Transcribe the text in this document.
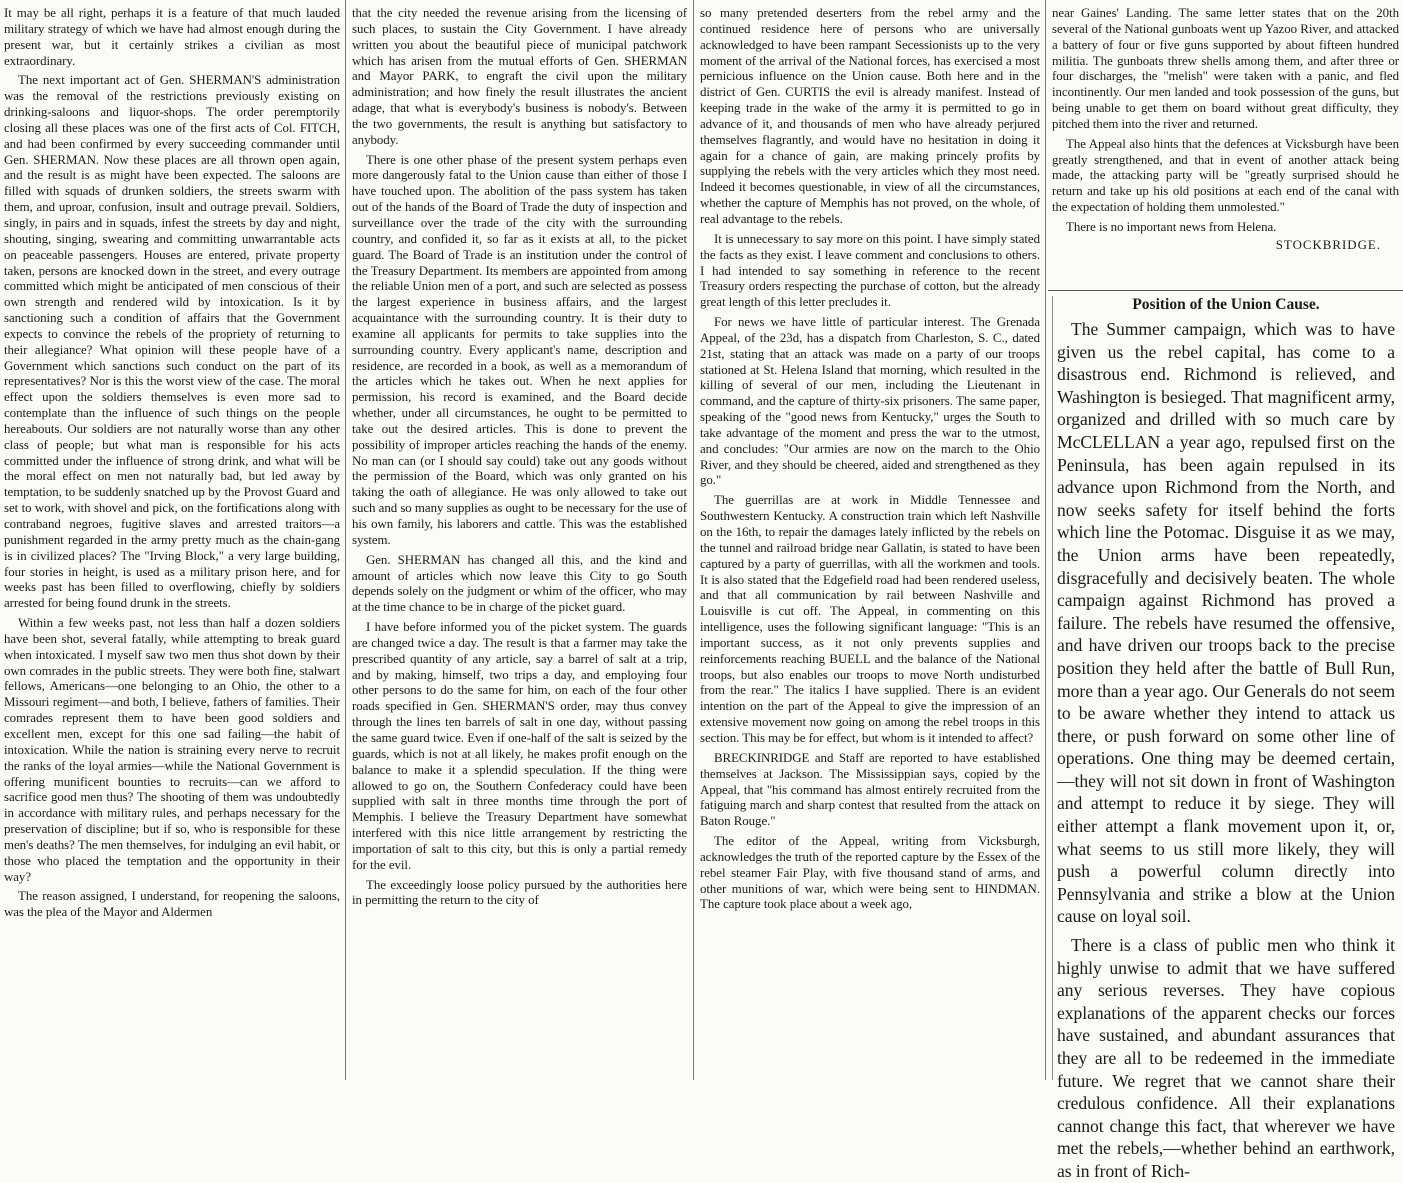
It may be all right, perhaps it is a feature of that much lauded military strategy of which we have had almost enough during the present war, but it certainly strikes a civilian as most extraordinary.

The next important act of Gen. SHERMAN'S administration was the removal of the restrictions previously existing on drinking-saloons and liquor-shops. The order peremptorily closing all these places was one of the first acts of Col. FITCH, and had been confirmed by every succeeding commander until Gen. SHERMAN. Now these places are all thrown open again, and the result is as might have been expected. The saloons are filled with squads of drunken soldiers, the streets swarm with them, and uproar, confusion, insult and outrage prevail. Soldiers, singly, in pairs and in squads, infest the streets by day and night, shouting, singing, swearing and committing unwarrantable acts on peaceable passengers. Houses are entered, private property taken, persons are knocked down in the street, and every outrage committed which might be anticipated of men conscious of their own strength and rendered wild by intoxication. Is it by sanctioning such a condition of affairs that the Government expects to convince the rebels of the propriety of returning to their allegiance? What opinion will these people have of a Government which sanctions such conduct on the part of its representatives? Nor is this the worst view of the case. The moral effect upon the soldiers themselves is even more sad to contemplate than the influence of such things on the people hereabouts. Our soldiers are not naturally worse than any other class of people; but what man is responsible for his acts committed under the influence of strong drink, and what will be the moral effect on men not naturally bad, but led away by temptation, to be suddenly snatched up by the Provost Guard and set to work, with shovel and pick, on the fortifications along with contraband negroes, fugitive slaves and arrested traitors—a punishment regarded in the army pretty much as the chain-gang is in civilized places? The "Irving Block," a very large building, four stories in height, is used as a military prison here, and for weeks past has been filled to overflowing, chiefly by soldiers arrested for being found drunk in the streets.

Within a few weeks past, not less than half a dozen soldiers have been shot, several fatally, while attempting to break guard when intoxicated. I myself saw two men thus shot down by their own comrades in the public streets. They were both fine, stalwart fellows, Americans—one belonging to an Ohio, the other to a Missouri regiment—and both, I believe, fathers of families. Their comrades represent them to have been good soldiers and excellent men, except for this one sad failing—the habit of intoxication. While the nation is straining every nerve to recruit the ranks of the loyal armies—while the National Government is offering munificent bounties to recruits—can we afford to sacrifice good men thus? The shooting of them was undoubtedly in accordance with military rules, and perhaps necessary for the preservation of discipline; but if so, who is responsible for these men's deaths? The men themselves, for indulging an evil habit, or those who placed the temptation and the opportunity in their way?

The reason assigned, I understand, for reopening the saloons, was the plea of the Mayor and Aldermen

that the city needed the revenue arising from the licensing of such places, to sustain the City Government. I have already written you about the beautiful piece of municipal patchwork which has arisen from the mutual efforts of Gen. SHERMAN and Mayor PARK, to engraft the civil upon the military administration; and how finely the result illustrates the ancient adage, that what is everybody's business is nobody's. Between the two governments, the result is anything but satisfactory to anybody.

There is one other phase of the present system perhaps even more dangerously fatal to the Union cause than either of those I have touched upon. The abolition of the pass system has taken out of the hands of the Board of Trade the duty of inspection and surveillance over the trade of the city with the surrounding country, and confided it, so far as it exists at all, to the picket guard. The Board of Trade is an institution under the control of the Treasury Department. Its members are appointed from among the reliable Union men of a port, and such are selected as possess the largest experience in business affairs, and the largest acquaintance with the surrounding country. It is their duty to examine all applicants for permits to take supplies into the surrounding country. Every applicant's name, description and residence, are recorded in a book, as well as a memorandum of the articles which he takes out. When he next applies for permission, his record is examined, and the Board decide whether, under all circumstances, he ought to be permitted to take out the desired articles. This is done to prevent the possibility of improper articles reaching the hands of the enemy. No man can (or I should say could) take out any goods without the permission of the Board, which was only granted on his taking the oath of allegiance. He was only allowed to take out such and so many supplies as ought to be necessary for the use of his own family, his laborers and cattle. This was the established system.

Gen. SHERMAN has changed all this, and the kind and amount of articles which now leave this City to go South depends solely on the judgment or whim of the officer, who may at the time chance to be in charge of the picket guard.

I have before informed you of the picket system. The guards are changed twice a day. The result is that a farmer may take the prescribed quantity of any article, say a barrel of salt at a trip, and by making, himself, two trips a day, and employing four other persons to do the same for him, on each of the four other roads specified in Gen. SHERMAN'S order, may thus convey through the lines ten barrels of salt in one day, without passing the same guard twice. Even if one-half of the salt is seized by the guards, which is not at all likely, he makes profit enough on the balance to make it a splendid speculation. If the thing were allowed to go on, the Southern Confederacy could have been supplied with salt in three months time through the port of Memphis. I believe the Treasury Department have somewhat interfered with this nice little arrangement by restricting the importation of salt to this city, but this is only a partial remedy for the evil.

The exceedingly loose policy pursued by the authorities here in permitting the return to the city of

so many pretended deserters from the rebel army and the continued residence here of persons who are universally acknowledged to have been rampant Secessionists up to the very moment of the arrival of the National forces, has exercised a most pernicious influence on the Union cause. Both here and in the district of Gen. CURTIS the evil is already manifest. Instead of keeping trade in the wake of the army it is permitted to go in advance of it, and thousands of men who have already perjured themselves flagrantly, and would have no hesitation in doing it again for a chance of gain, are making princely profits by supplying the rebels with the very articles which they most need. Indeed it becomes questionable, in view of all the circumstances, whether the capture of Memphis has not proved, on the whole, of real advantage to the rebels.

It is unnecessary to say more on this point. I have simply stated the facts as they exist. I leave comment and conclusions to others. I had intended to say something in reference to the recent Treasury orders respecting the purchase of cotton, but the already great length of this letter precludes it.

For news we have little of particular interest. The Grenada Appeal, of the 23d, has a dispatch from Charleston, S. C., dated 21st, stating that an attack was made on a party of our troops stationed at St. Helena Island that morning, which resulted in the killing of several of our men, including the Lieutenant in command, and the capture of thirty-six prisoners. The same paper, speaking of the "good news from Kentucky," urges the South to take advantage of the moment and press the war to the utmost, and concludes: "Our armies are now on the march to the Ohio River, and they should be cheered, aided and strengthened as they go."

The guerrillas are at work in Middle Tennessee and Southwestern Kentucky. A construction train which left Nashville on the 16th, to repair the damages lately inflicted by the rebels on the tunnel and railroad bridge near Gallatin, is stated to have been captured by a party of guerrillas, with all the workmen and tools. It is also stated that the Edgefield road had been rendered useless, and that all communication by rail between Nashville and Louisville is cut off. The Appeal, in commenting on this intelligence, uses the following significant language: "This is an important success, as it not only prevents supplies and reinforcements reaching BUELL and the balance of the National troops, but also enables our troops to move North undisturbed from the rear." The italics I have supplied. There is an evident intention on the part of the Appeal to give the impression of an extensive movement now going on among the rebel troops in this section. This may be for effect, but whom is it intended to affect?

BRECKINRIDGE and Staff are reported to have established themselves at Jackson. The Mississippian says, copied by the Appeal, that "his command has almost entirely recruited from the fatiguing march and sharp contest that resulted from the attack on Baton Rouge."

The editor of the Appeal, writing from Vicksburgh, acknowledges the truth of the reported capture by the Essex of the rebel steamer Fair Play, with five thousand stand of arms, and other munitions of war, which were being sent to HINDMAN. The capture took place about a week ago,

near Gaines' Landing. The same letter states that on the 20th several of the National gunboats went up Yazoo River, and attacked a battery of four or five guns supported by about fifteen hundred militia. The gunboats threw shells among them, and after three or four discharges, the "melish" were taken with a panic, and fled incontinently. Our men landed and took possession of the guns, but being unable to get them on board without great difficulty, they pitched them into the river and returned.

The Appeal also hints that the defences at Vicksburgh have been greatly strengthened, and that in event of another attack being made, the attacking party will be "greatly surprised should he return and take up his old positions at each end of the canal with the expectation of holding them unmolested."

There is no important news from Helena.

STOCKBRIDGE.
Position of the Union Cause.

The Summer campaign, which was to have given us the rebel capital, has come to a disastrous end. Richmond is relieved, and Washington is besieged. That magnificent army, organized and drilled with so much care by McCLELLAN a year ago, repulsed first on the Peninsula, has been again repulsed in its advance upon Richmond from the North, and now seeks safety for itself behind the forts which line the Potomac. Disguise it as we may, the Union arms have been repeatedly, disgracefully and decisively beaten. The whole campaign against Richmond has proved a failure. The rebels have resumed the offensive, and have driven our troops back to the precise position they held after the battle of Bull Run, more than a year ago. Our Generals do not seem to be aware whether they intend to attack us there, or push forward on some other line of operations. One thing may be deemed certain,—they will not sit down in front of Washington and attempt to reduce it by siege. They will either attempt a flank movement upon it, or, what seems to us still more likely, they will push a powerful column directly into Pennsylvania and strike a blow at the Union cause on loyal soil.

There is a class of public men who think it highly unwise to admit that we have suffered any serious reverses. They have copious explanations of the apparent checks our forces have sustained, and abundant assurances that they are all to be redeemed in the immediate future. We regret that we cannot share their credulous confidence. All their explanations cannot change this fact, that wherever we have met the rebels,—whether behind an earthwork, as in front of Rich-
